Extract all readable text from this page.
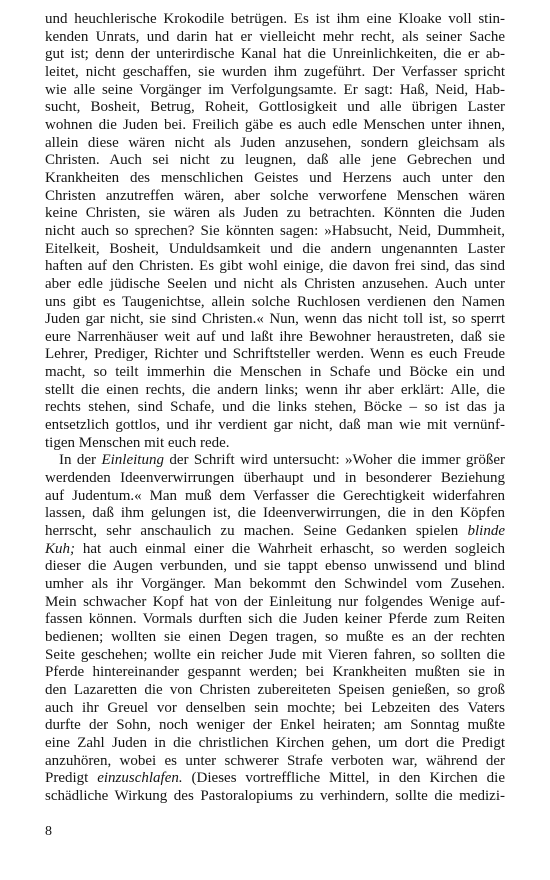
und heuchlerische Krokodile betrügen. Es ist ihm eine Kloake voll stin-
kenden Unrats, und darin hat er vielleicht mehr recht, als seiner Sache
gut ist; denn der unterirdische Kanal hat die Unreinlichkeiten, die er ab-
leitet, nicht geschaffen, sie wurden ihm zugeführt. Der Verfasser spricht
wie alle seine Vorgänger im Verfolgungsamte. Er sagt: Haß, Neid, Hab-
sucht, Bosheit, Betrug, Roheit, Gottlosigkeit und alle übrigen Laster
wohnen die Juden bei. Freilich gäbe es auch edle Menschen unter ihnen,
allein diese wären nicht als Juden anzusehen, sondern gleichsam als
Christen. Auch sei nicht zu leugnen, daß alle jene Gebrechen und
Krankheiten des menschlichen Geistes und Herzens auch unter den
Christen anzutreffen wären, aber solche verworfene Menschen wären
keine Christen, sie wären als Juden zu betrachten. Könnten die Juden
nicht auch so sprechen? Sie könnten sagen: »Habsucht, Neid, Dummheit,
Eitelkeit, Bosheit, Unduldsamkeit und die andern ungenannten Laster
haften auf den Christen. Es gibt wohl einige, die davon frei sind, das sind
aber edle jüdische Seelen und nicht als Christen anzusehen. Auch unter
uns gibt es Taugenichtse, allein solche Ruchlosen verdienen den Namen
Juden gar nicht, sie sind Christen.« Nun, wenn das nicht toll ist, so sperrt
eure Narrenhäuser weit auf und laßt ihre Bewohner heraustreten, daß sie
Lehrer, Prediger, Richter und Schriftsteller werden. Wenn es euch Freude
macht, so teilt immerhin die Menschen in Schafe und Böcke ein und
stellt die einen rechts, die andern links; wenn ihr aber erklärt: Alle, die
rechts stehen, sind Schafe, und die links stehen, Böcke – so ist das ja
entsetzlich gottlos, und ihr verdient gar nicht, daß man wie mit vernünf-
tigen Menschen mit euch rede.
In der Einleitung der Schrift wird untersucht: »Woher die immer größer
werdenden Ideenverwirrungen überhaupt und in besonderer Beziehung
auf Judentum.« Man muß dem Verfasser die Gerechtigkeit widerfahren
lassen, daß ihm gelungen ist, die Ideenverwirrungen, die in den Köpfen
herrscht, sehr anschaulich zu machen. Seine Gedanken spielen blinde
Kuh; hat auch einmal einer die Wahrheit erhascht, so werden sogleich
dieser die Augen verbunden, und sie tappt ebenso unwissend und blind
umher als ihr Vorgänger. Man bekommt den Schwindel vom Zusehen.
Mein schwacher Kopf hat von der Einleitung nur folgendes Wenige auf-
fassen können. Vormals durften sich die Juden keiner Pferde zum Reiten
bedienen; wollten sie einen Degen tragen, so mußte es an der rechten
Seite geschehen; wollte ein reicher Jude mit Vieren fahren, so sollten die
Pferde hintereinander gespannt werden; bei Krankheiten mußten sie in
den Lazaretten die von Christen zubereiteten Speisen genießen, so groß
auch ihr Greuel vor denselben sein mochte; bei Lebzeiten des Vaters
durfte der Sohn, noch weniger der Enkel heiraten; am Sonntag mußte
eine Zahl Juden in die christlichen Kirchen gehen, um dort die Predigt
anzuhören, wobei es unter schwerer Strafe verboten war, während der
Predigt einzuschlafen. (Dieses vortreffliche Mittel, in den Kirchen die
schädliche Wirkung des Pastoralopiums zu verhindern, sollte die medizi-
8
